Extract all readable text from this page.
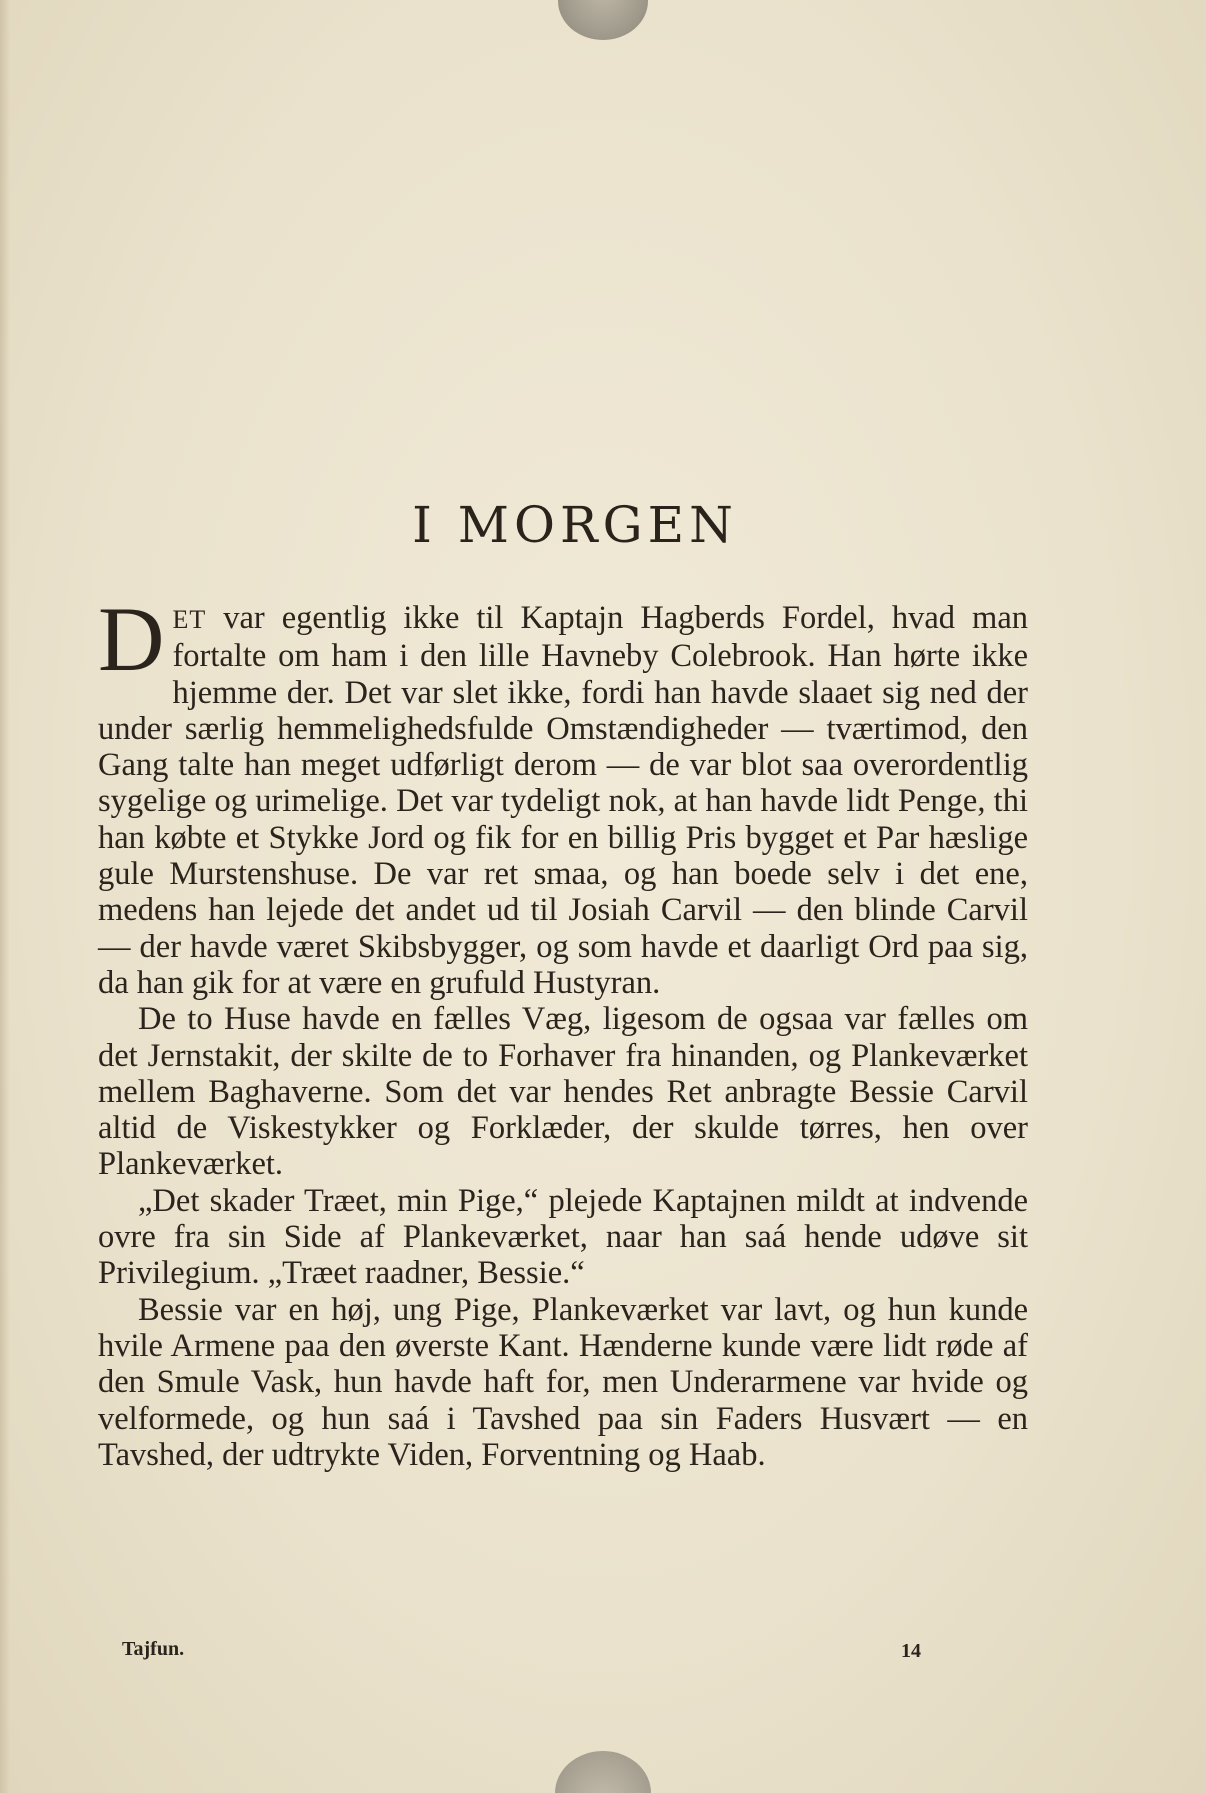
I MORGEN

DET var egentlig ikke til Kaptajn Hagberds Fordel, hvad man fortalte om ham i den lille Havneby Colebrook. Han hørte ikke hjemme der. Det var slet ikke, fordi han havde slaaet sig ned der under særlig hemmelighedsfulde Omstændigheder — tværtimod, den Gang talte han meget udførligt derom — de var blot saa overordentlig sygelige og urimelige. Det var tydeligt nok, at han havde lidt Penge, thi han købte et Stykke Jord og fik for en billig Pris bygget et Par hæslige gule Murstenshuse. De var ret smaa, og han boede selv i det ene, medens han lejede det andet ud til Josiah Carvil — den blinde Carvil — der havde været Skibsbygger, og som havde et daarligt Ord paa sig, da han gik for at være en grufuld Hustyran.

De to Huse havde en fælles Væg, ligesom de ogsaa var fælles om det Jernstakit, der skilte de to Forhaver fra hinanden, og Plankeværket mellem Baghaverne. Som det var hendes Ret anbragte Bessie Carvil altid de Viskestykker og Forklæder, der skulde tørres, hen over Plankeværket.

„Det skader Træet, min Pige,“ plejede Kaptajnen mildt at indvende ovre fra sin Side af Plankeværket, naar han saá hende udøve sit Privilegium. „Træet raadner, Bessie.“

Bessie var en høj, ung Pige, Plankeværket var lavt, og hun kunde hvile Armene paa den øverste Kant. Hænderne kunde være lidt røde af den Smule Vask, hun havde haft for, men Underarmene var hvide og velformede, og hun saá i Tavshed paa sin Faders Husvært — en Tavshed, der udtrykte Viden, Forventning og Haab.

Tajfun.	14
